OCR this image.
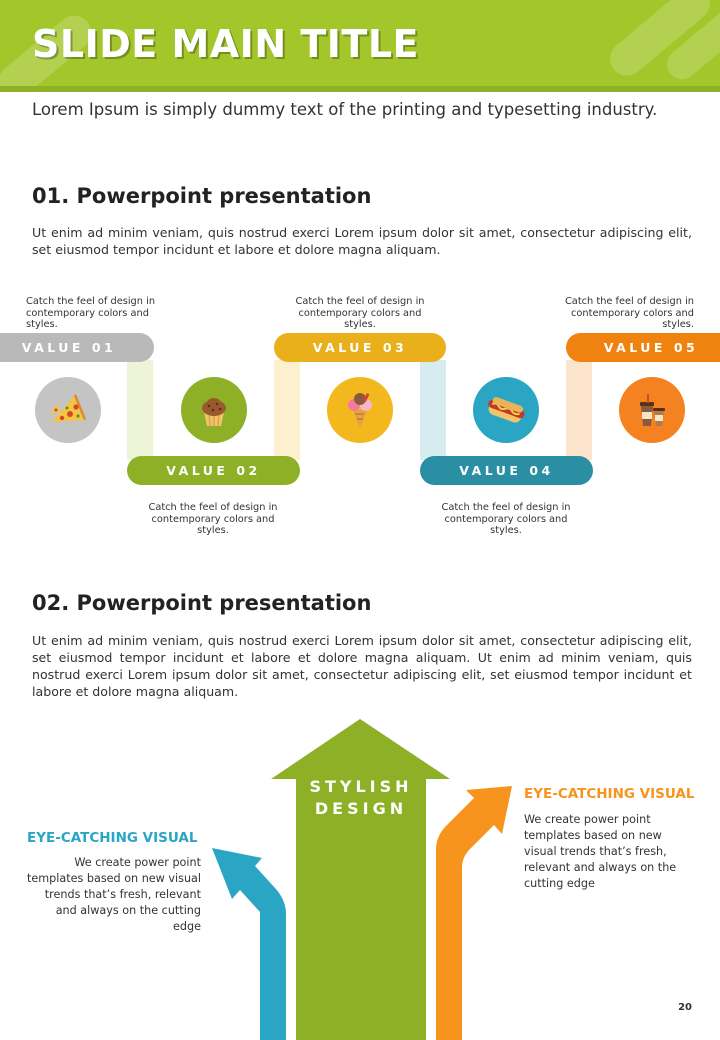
SLIDE MAIN TITLE
Lorem Ipsum is simply dummy text of the printing and typesetting industry.
01. Powerpoint presentation
Ut enim ad minim veniam, quis nostrud exerci Lorem ipsum dolor sit amet, consectetur adipiscing elit, set eiusmod tempor incidunt et labore et dolore magna aliquam.
VALUE 01
VALUE 02
VALUE 03
VALUE 04
VALUE 05
Catch the feel of design in contemporary colors and styles.
Catch the feel of design in contemporary colors and styles.
Catch the feel of design in contemporary colors and styles.
Catch the feel of design in contemporary colors and styles.
Catch the feel of design in contemporary colors and styles.
02. Powerpoint presentation
Ut enim ad minim veniam, quis nostrud exerci Lorem ipsum dolor sit amet, consectetur adipiscing elit, set eiusmod tempor incidunt et labore et dolore magna aliquam. Ut enim ad minim veniam, quis nostrud exerci Lorem ipsum dolor sit amet, consectetur adipiscing elit, set eiusmod tempor incidunt et labore et dolore magna aliquam.
STYLISH
DESIGN
EYE-CATCHING VISUAL
We create power point templates based on new visual trends that’s fresh, relevant and always on the cutting edge
EYE-CATCHING VISUAL
We create power point templates based on new visual trends that’s fresh, relevant and always on the cutting edge
20
